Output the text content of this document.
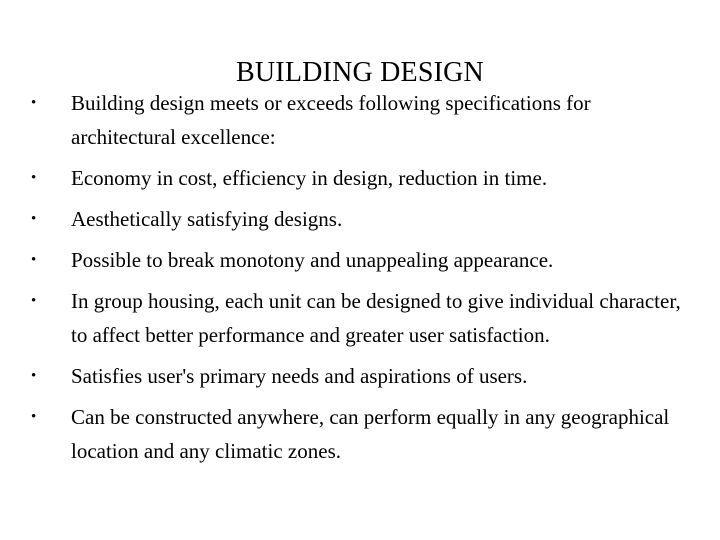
BUILDING DESIGN
•	Building design meets or exceeds following specifications for architectural excellence:
•	Economy in cost, efficiency in design, reduction in time.
•	Aesthetically satisfying designs.
•	Possible to break monotony and unappealing appearance.
•	In group housing, each unit can be designed to give individual character, to affect better performance and greater user satisfaction.
•	Satisfies user's primary needs and aspirations of users.
•	Can be constructed anywhere, can perform equally in any geographical location and any climatic zones.
